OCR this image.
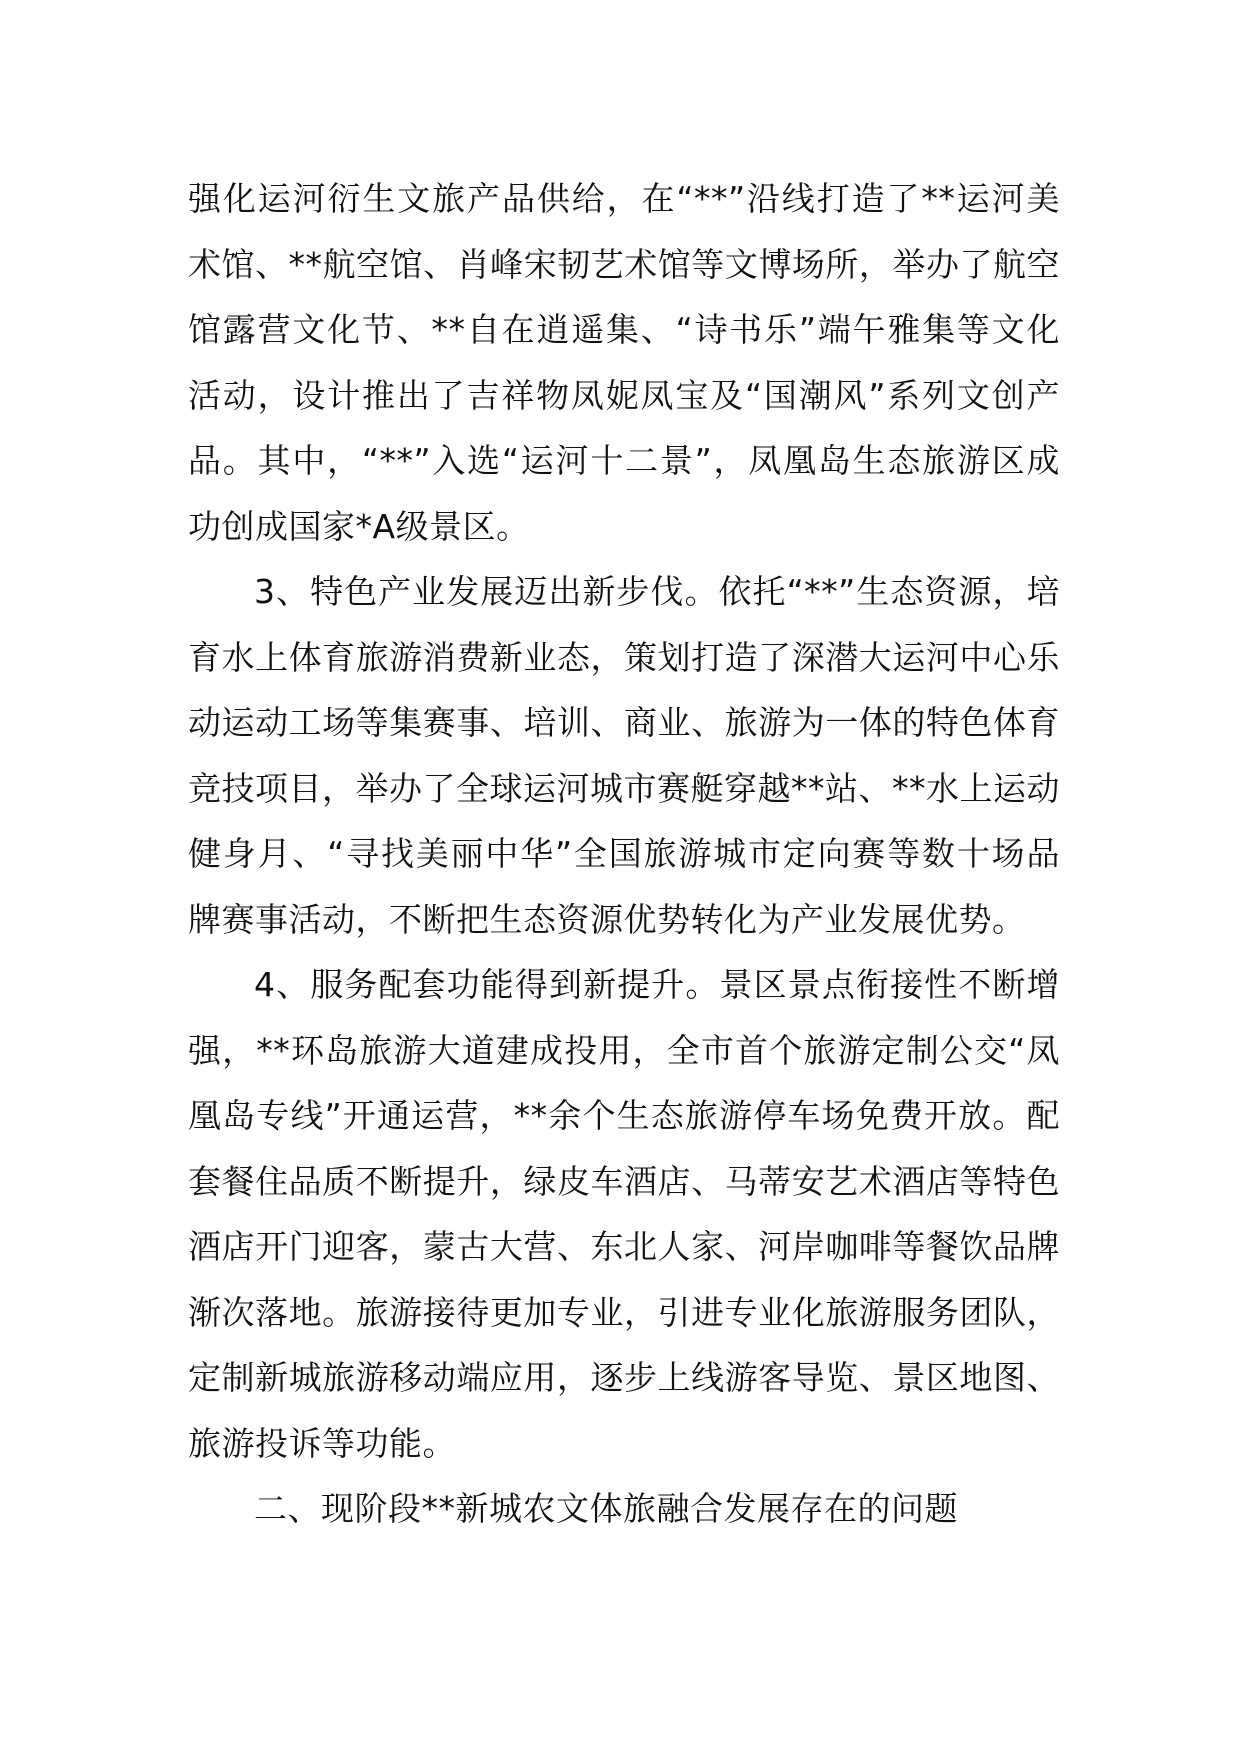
强化运河衍生文旅产品供给，在“**”沿线打造了**运河美术馆、**航空馆、肖峰宋韧艺术馆等文博场所，举办了航空馆露营文化节、**自在逍遥集、“诗书乐”端午雅集等文化活动，设计推出了吉祥物凤妮凤宝及“国潮风”系列文创产品。其中，“**”入选“运河十二景”，凤凰岛生态旅游区成功创成国家*A级景区。

3、特色产业发展迈出新步伐。依托“**”生态资源，培育水上体育旅游消费新业态，策划打造了深潜大运河中心乐动运动工场等集赛事、培训、商业、旅游为一体的特色体育竞技项目，举办了全球运河城市赛艇穿越**站、**水上运动健身月、“寻找美丽中华”全国旅游城市定向赛等数十场品牌赛事活动，不断把生态资源优势转化为产业发展优势。

4、服务配套功能得到新提升。景区景点衔接性不断增强，**环岛旅游大道建成投用，全市首个旅游定制公交“凤凰岛专线”开通运营，**余个生态旅游停车场免费开放。配套餐住品质不断提升，绿皮车酒店、马蒂安艺术酒店等特色酒店开门迎客，蒙古大营、东北人家、河岸咖啡等餐饮品牌渐次落地。旅游接待更加专业，引进专业化旅游服务团队，定制新城旅游移动端应用，逐步上线游客导览、景区地图、旅游投诉等功能。

二、现阶段**新城农文体旅融合发展存在的问题
